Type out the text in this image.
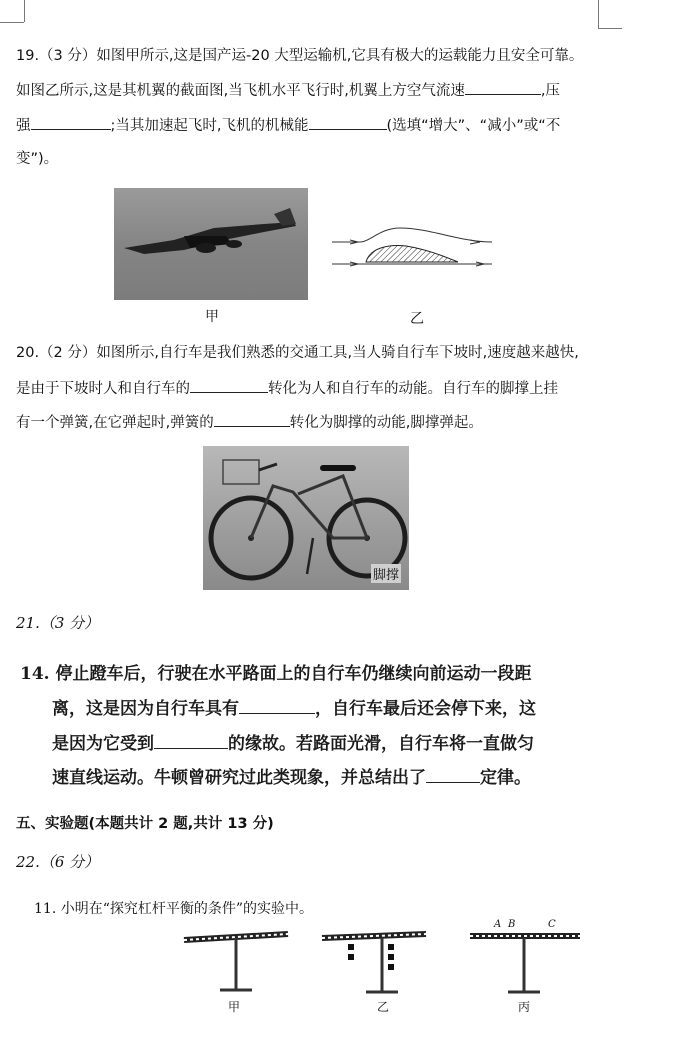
19.（3 分）如图甲所示,这是国产运-20 大型运输机,它具有极大的运载能力且安全可靠。
如图乙所示,这是其机翼的截面图,当飞机水平飞行时,机翼上方空气流速	,压
强	;当其加速起飞时,飞机的机械能	(选填“增大”、“减小”或“不
变”)。
甲	乙
20.（2 分）如图所示,自行车是我们熟悉的交通工具,当人骑自行车下坡时,速度越来越快,
是由于下坡时人和自行车的	转化为人和自行车的动能。自行车的脚撑上挂
有一个弹簧,在它弹起时,弹簧的	转化为脚撑的动能,脚撑弹起。
脚撑
21.（3 分）
14. 停止蹬车后，行驶在水平路面上的自行车仍继续向前运动一段距
离，这是因为自行车具有	，自行车最后还会停下来，这
是因为它受到	的缘故。若路面光滑，自行车将一直做匀
速直线运动。牛顿曾研究过此类现象，并总结出了	定律。
五、实验题(本题共计 2 题,共计 13 分)
22.（6 分）
11. 小明在“探究杠杆平衡的条件”的实验中。
A B	C
甲	乙	丙
